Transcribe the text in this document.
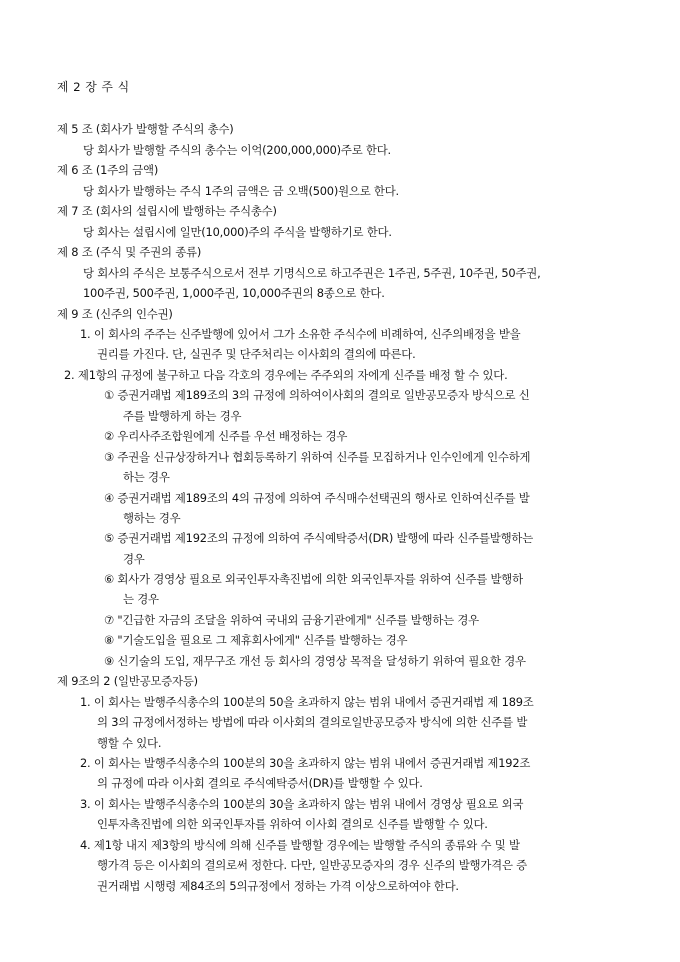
제 2 장 주 식
제 5 조 (회사가 발행할 주식의 총수)
당 회사가 발행할 주식의 총수는 이억(200,000,000)주로 한다.
제 6 조 (1주의 금액)
당 회사가 발행하는 주식 1주의 금액은 금 오백(500)원으로 한다.
제 7 조 (회사의 설립시에 발행하는 주식총수)
당 회사는 설립시에 일만(10,000)주의 주식을 발행하기로 한다.
제 8 조 (주식 및 주권의 종류)
당 회사의 주식은 보통주식으로서 전부 기명식으로 하고주권은 1주권, 5주권, 10주권, 50주권,
100주권, 500주권, 1,000주권, 10,000주권의 8종으로 한다.
제 9 조 (신주의 인수권)
1. 이 회사의 주주는 신주발행에 있어서 그가 소유한 주식수에 비례하여, 신주의배정을 받을
권리를 가진다. 단, 실권주 및 단주처리는 이사회의 결의에 따른다.
2. 제1항의 규정에 불구하고 다음 각호의 경우에는 주주외의 자에게 신주를 배정 할 수 있다.
① 증권거래법 제189조의 3의 규정에 의하여이사회의 결의로 일반공모증자 방식으로 신
주를 발행하게 하는 경우
② 우리사주조합원에게 신주를 우선 배정하는 경우
③ 주권을 신규상장하거나 협회등록하기 위하여 신주를 모집하거나 인수인에게 인수하게
하는 경우
④ 증권거래법 제189조의 4의 규정에 의하여 주식매수선택권의 행사로 인하여신주를 발
행하는 경우
⑤ 증권거래법 제192조의 규정에 의하여 주식예탁증서(DR) 발행에 따라 신주를발행하는
경우
⑥ 회사가 경영상 필요로 외국인투자촉진법에 의한 외국인투자를 위하여 신주를 발행하
는 경우
⑦ "긴급한 자금의 조달을 위하여 국내외 금융기관에게" 신주를 발행하는 경우
⑧ "기술도입을 필요로 그 제휴회사에게" 신주를 발행하는 경우
⑨ 신기술의 도입, 재무구조 개선 등 회사의 경영상 목적을 달성하기 위하여 필요한 경우
제 9조의 2 (일반공모증자등)
1. 이 회사는 발행주식총수의 100분의 50을 초과하지 않는 범위 내에서 증권거래법 제 189조
의 3의 규정에서정하는 방법에 따라 이사회의 결의로일반공모증자 방식에 의한 신주를 발
행할 수 있다.
2. 이 회사는 발행주식총수의 100분의 30을 초과하지 않는 범위 내에서 증권거래법 제192조
의 규정에 따라 이사회 결의로 주식예탁증서(DR)를 발행할 수 있다.
3. 이 회사는 발행주식총수의 100분의 30을 초과하지 않는 범위 내에서 경영상 필요로 외국
인투자촉진법에 의한 외국인투자를 위하여 이사회 결의로 신주를 발행할 수 있다.
4. 제1항 내지 제3항의 방식에 의해 신주를 발행할 경우에는 발행할 주식의 종류와 수 및 발
행가격 등은 이사회의 결의로써 정한다. 다만, 일반공모증자의 경우 신주의 발행가격은 증
권거래법 시행령 제84조의 5의규정에서 정하는 가격 이상으로하여야 한다.
